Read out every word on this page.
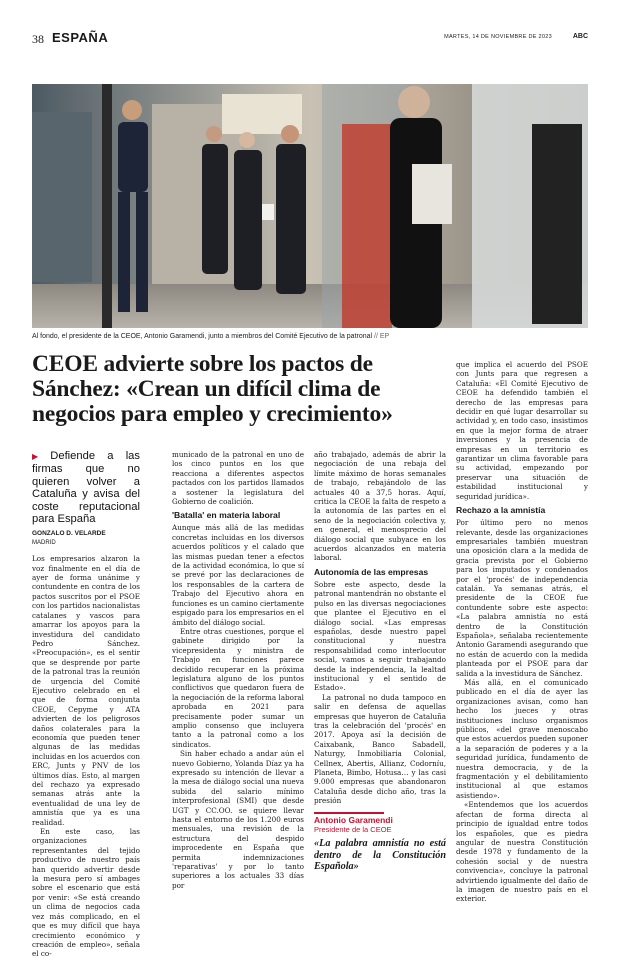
38 ESPAÑA	MARTES, 14 DE NOVIEMBRE DE 2023	ABC
Al fondo, el presidente de la CEOE, Antonio Garamendi, junto a miembros del Comité Ejecutivo de la patronal // EP
CEOE advierte sobre los pactos de Sánchez: «Crean un difícil clima de negocios para empleo y crecimiento»

▶ Defiende a las firmas que no quieren volver a Cataluña y avisa del coste reputacional para España

GONZALO D. VELARDE
MADRID

Los empresarios alzaron la voz finalmente en el día de ayer de forma unánime y contundente en contra de los pactos suscritos por el PSOE con los partidos nacionalistas catalanes y vascos para amarrar los apoyos para la investidura del candidato Pedro Sánchez. «Preocupación», es el sentir que se desprende por parte de la patronal tras la reunión de urgencia del Comité Ejecutivo celebrado en el que de forma conjunta CEOE, Cepyme y ATA advierten de los peligrosos daños colaterales para la economía que pueden tener algunas de las medidas incluidas en los acuerdos con ERC, Junts y PNV de los últimos días. Esto, al margen del rechazo ya expresado semanas atrás ante la eventualidad de una ley de amnistía que ya es una realidad.

En este caso, las organizaciones representantes del tejido productivo de nuestro país han querido advertir desde la mesura pero sí ambages sobre el escenario que está por venir: «Se está creando un clima de negocios cada vez más complicado, en el que es muy difícil que haya crecimiento económico y creación de empleo», señala el co-

municado de la patronal en uno de los cinco puntos en los que reacciona a diferentes aspectos pactados con los partidos llamados a sostener la legislatura del Gobierno de coalición.

'Batalla' en materia laboral

Aunque más allá de las medidas concretas incluidas en los diversos acuerdos políticos y el calado que las mismas puedan tener a efectos de la actividad económica, lo que sí se prevé por las declaraciones de los responsables de la cartera de Trabajo del Ejecutivo ahora en funciones es un camino ciertamente espigado para los empresarios en el ámbito del diálogo social.

Entre otras cuestiones, porque el gabinete dirigido por la vicepresidenta y ministra de Trabajo en funciones parece decidido recuperar en la próxima legislatura alguno de los puntos conflictivos que quedaron fuera de la negociación de la reforma laboral aprobada en 2021 para precisamente poder sumar un amplio consenso que incluyera tanto a la patronal como a los sindicatos.

Sin haber echado a andar aún el nuevo Gobierno, Yolanda Díaz ya ha expresado su intención de llevar a la mesa de diálogo social una nueva subida del salario mínimo interprofesional (SMI) que desde UGT y CC.OO. se quiere llevar hasta el entorno de los 1.200 euros mensuales, una revisión de la estructura del despido improcedente en España que permita indemnizaciones 'reparativas' y por lo tanto superiores a los actuales 33 días por

año trabajado, además de abrir la negociación de una rebaja del límite máximo de horas semanales de trabajo, rebajándolo de las actuales 40 a 37,5 horas. Aquí, critica la CEOE la falta de respeto a la autonomía de las partes en el seno de la negociación colectiva y, en general, el menosprecio del diálogo social que subyace en los acuerdos alcanzados en materia laboral.

Autonomía de las empresas

Sobre este aspecto, desde la patronal mantendrán no obstante el pulso en las diversas negociaciones que plantee el Ejecutivo en el diálogo social. «Las empresas españolas, desde nuestro papel constitucional y nuestra responsabilidad como interlocutor social, vamos a seguir trabajando desde la independencia, la lealtad institucional y el sentido de Estado».

La patronal no duda tampoco en salir en defensa de aquellas empresas que huyeron de Cataluña tras la celebración del 'procés' en 2017. Apoya así la decisión de Caixabank, Banco Sabadell, Naturgy, Inmobiliaria Colonial, Cellnex, Abertis, Allianz, Codorníu, Planeta, Bimbo, Hotusa… y las casi 9.000 empresas que abandonaron Cataluña desde dicho año, tras la presión

Antonio Garamendi
Presidente de la CEOE
«La palabra amnistía no está dentro de la Constitución Española»

que implica el acuerdo del PSOE con Junts para que regresen a Cataluña: «El Comité Ejecutivo de CEOE ha defendido también el derecho de las empresas para decidir en qué lugar desarrollar su actividad y, en todo caso, insistimos en que la mejor forma de atraer inversiones y la presencia de empresas en un territorio es garantizar un clima favorable para su actividad, empezando por preservar una situación de estabilidad institucional y seguridad jurídica».

Rechazo a la amnistía

Por último pero no menos relevante, desde las organizaciones empresariales también muestran una oposición clara a la medida de gracia prevista por el Gobierno para los imputados y condenados por el 'procés' de independencia catalán. Ya semanas atrás, el presidente de la CEOE fue contundente sobre este aspecto: «La palabra amnistía no está dentro de la Constitución Española», señalaba recientemente Antonio Garamendi asegurando que no están de acuerdo con la medida planteada por el PSOE para dar salida a la investidura de Sánchez.

Más allá, en el comunicado publicado en el día de ayer las organizaciones avisan, como han hecho los jueces y otras instituciones incluso organismos públicos, «del grave menoscabo que estos acuerdos pueden suponer a la separación de poderes y a la seguridad jurídica, fundamento de nuestra democracia, y de la fragmentación y el debilitamiento institucional al que estamos asistiendo».

«Entendemos que los acuerdos afectan de forma directa al principio de igualdad entre todos los españoles, que es piedra angular de nuestra Constitución desde 1978 y fundamento de la cohesión social y de nuestra convivencia», concluye la patronal advirtiendo igualmente del daño de la imagen de nuestro país en el exterior.
